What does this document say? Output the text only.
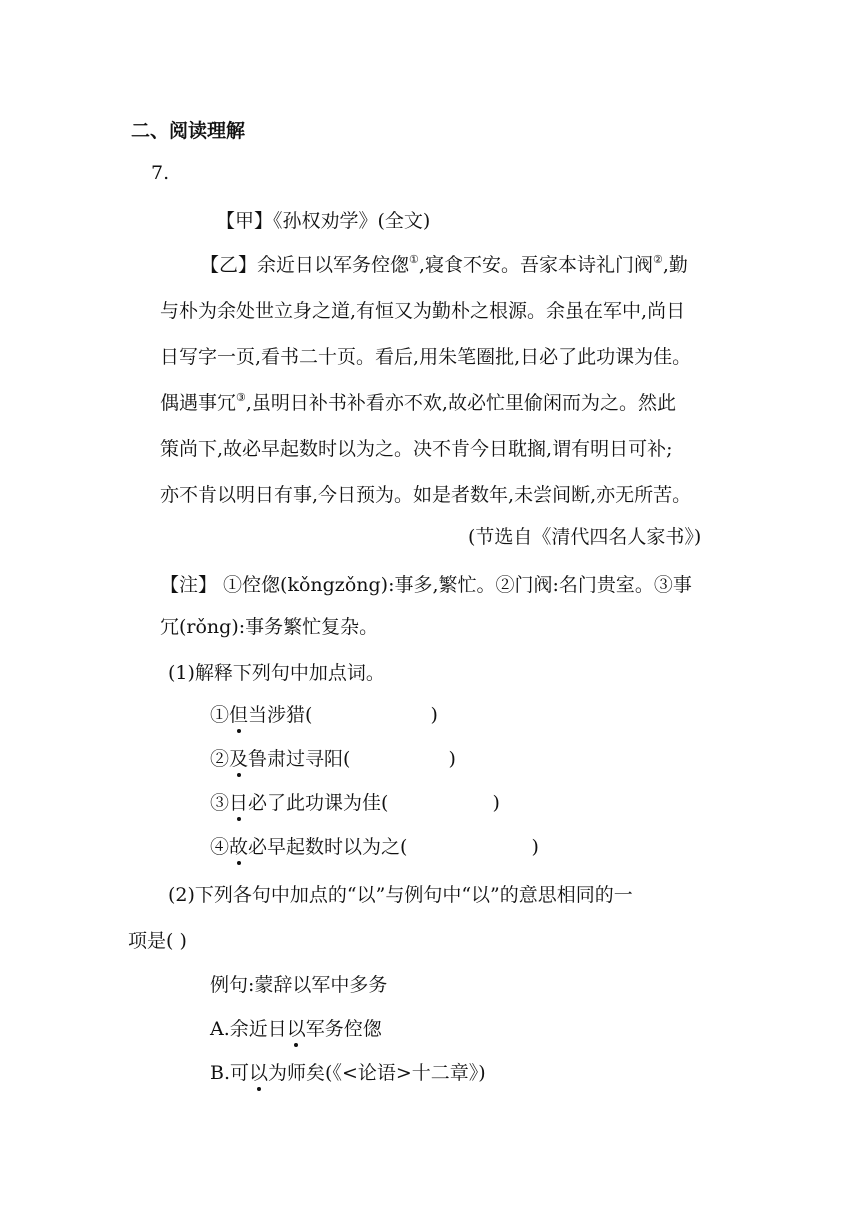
二、阅读理解
7.
【甲】《孙权劝学》(全文)
【乙】余近日以军务倥偬①,寝食不安。吾家本诗礼门阀②,勤
与朴为余处世立身之道,有恒又为勤朴之根源。余虽在军中,尚日
日写字一页,看书二十页。看后,用朱笔圈批,日必了此功课为佳。
偶遇事冗③,虽明日补书补看亦不欢,故必忙里偷闲而为之。然此
策尚下,故必早起数时以为之。决不肯今日耽搁,谓有明日可补;
亦不肯以明日有事,今日预为。如是者数年,未尝间断,亦无所苦。
(节选自《清代四名人家书》)
【注】 ①倥偬(kǒngzǒng):事多,繁忙。②门阀:名门贵室。③事
冗(rǒng):事务繁忙复杂。
(1)解释下列句中加点词。
①但当涉猎(	)
②及鲁肃过寻阳(	)
③日必了此功课为佳(	)
④故必早起数时以为之(	)
(2)下列各句中加点的“以”与例句中“以”的意思相同的一
项是( )
例句:蒙辞以军中多务
A.余近日以军务倥偬
B.可以为师矣(《<论语>十二章》)
